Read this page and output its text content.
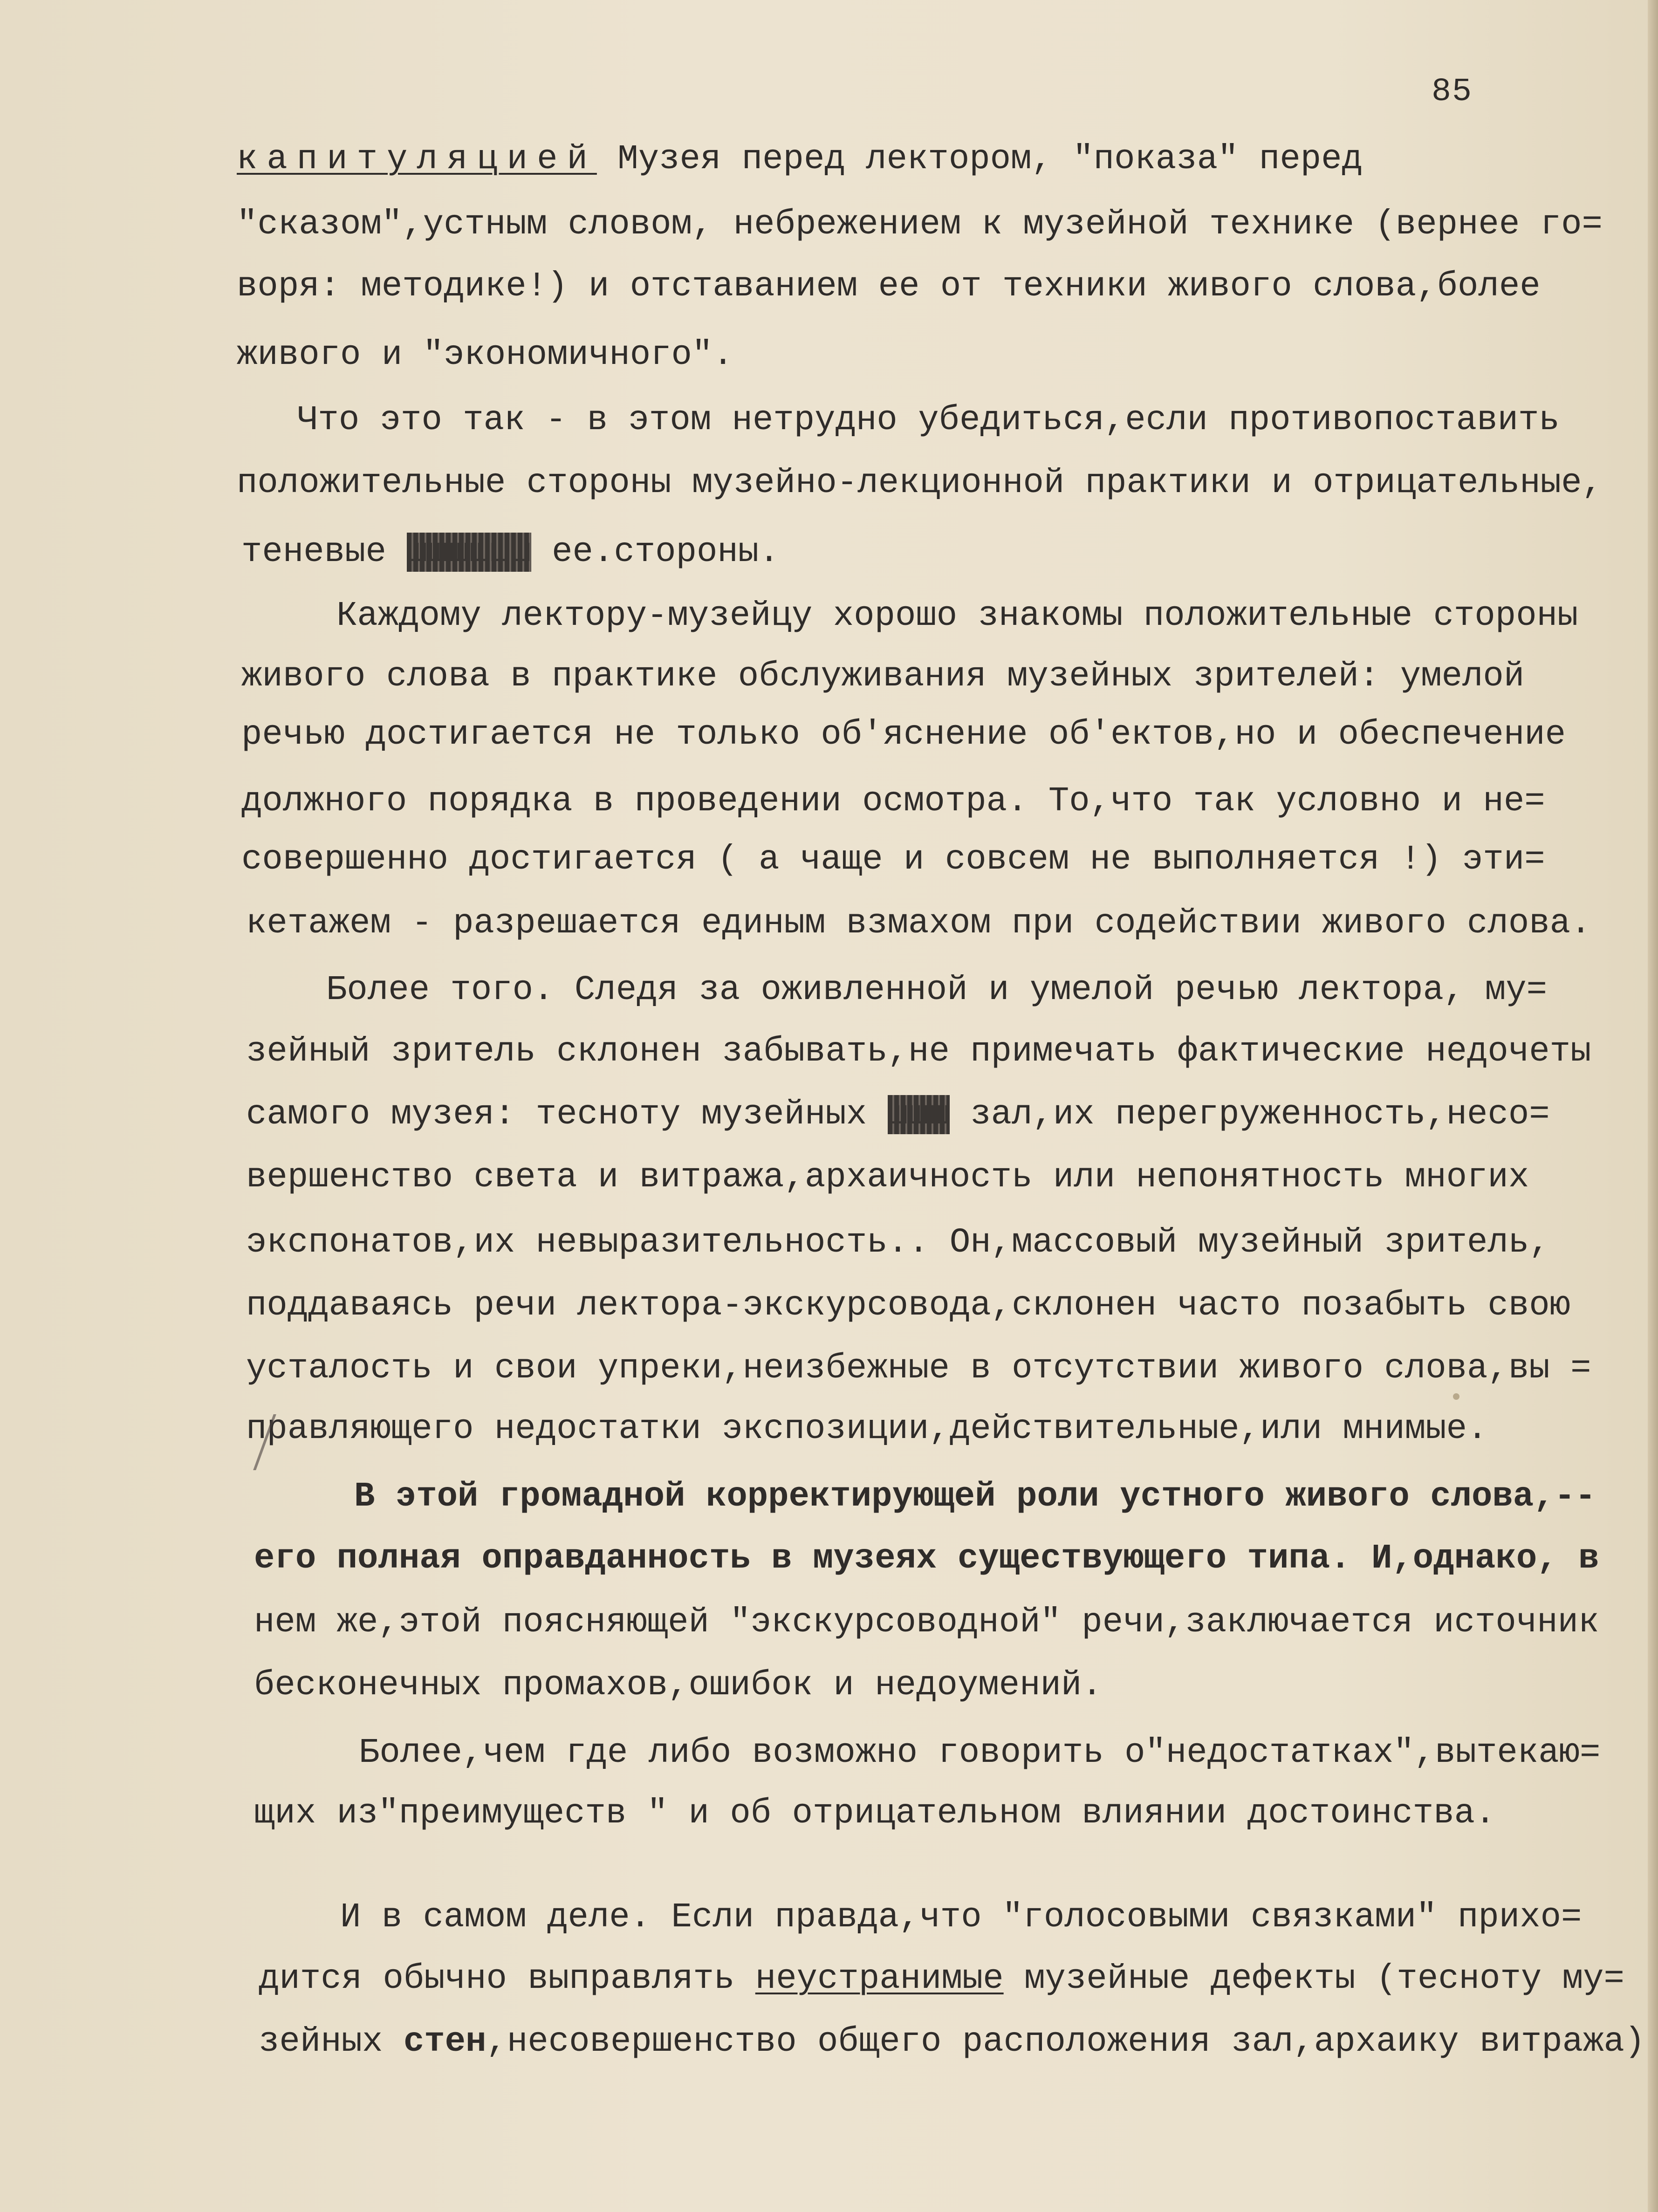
85
капитуляцией Музея перед лектором, "показа" перед
"сказом",устным словом, небрежением к музейной технике (вернее го=
воря: методике!) и отставанием ее от техники живого слова,более
живого и "экономичного".
Что это так - в этом нетрудно убедиться,если противопоставить
положительные стороны музейно-лекционной практики и отрицательные,
теневые шшшшшш ее.стороны.
Каждому лектору-музейцу хорошо знакомы положительные стороны
живого слова в практике обслуживания музейных зрителей: умелой
речью достигается не только об'яснение об'ектов,но и обеспечение
должного порядка в проведении осмотра. То,что так условно и не=
совершенно достигается ( а чаще и совсем не выполняется !) эти=
кетажем - разрешается единым взмахом при содействии живого слова.
Более того. Следя за оживленной и умелой речью лектора, му=
зейный зритель склонен забывать,не примечать фактические недочеты
самого музея: тесноту музейных шшш зал,их перегруженность,несо=
вершенство света и витража,архаичность или непонятность многих
экспонатов,их невыразительность.. Он,массовый музейный зритель,
поддаваясь речи лектора-экскурсовода,склонен часто позабыть свою
усталость и свои упреки,неизбежные в отсутствии живого слова,вы =
правляющего недостатки экспозиции,действительные,или мнимые.
В этой громадной корректирующей роли устного живого слова,--
его полная оправданность в музеях существующего типа. И,однако, в
нем же,этой поясняющей "экскурсоводной" речи,заключается источник
бесконечных промахов,ошибок и недоумений.
Более,чем где либо возможно говорить о"недостатках",вытекаю=
щих из"преимуществ " и об отрицательном влиянии достоинства.
И в самом деле. Если правда,что "голосовыми связками" прихо=
дится обычно выправлять неустранимые музейные дефекты (тесноту му=
зейных стен,несовершенство общего расположения зал,архаику витража)
